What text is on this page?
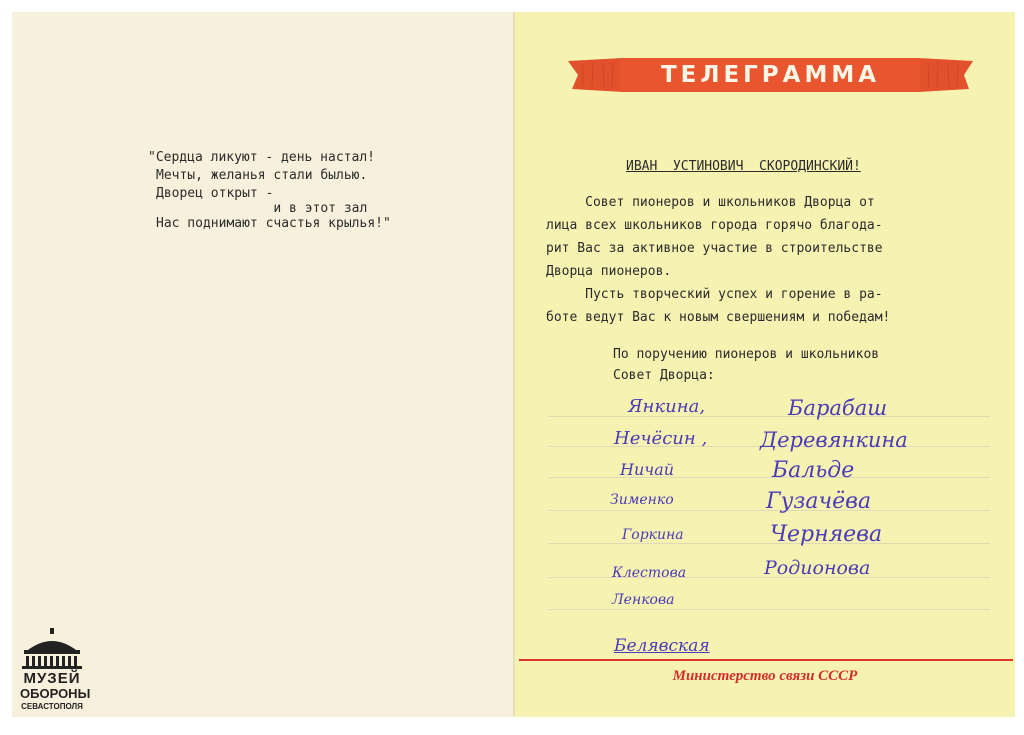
"Сердца ликуют - день настал!
Мечты, желанья стали былью.
Дворец открыт -
и в этот зал
Нас поднимают счастья крылья!"
ТЕЛЕГРАММА
ИВАН  УСТИНОВИЧ  СКОРОДИНСКИЙ!
Совет пионеров и школьников Дворца от
лица всех школьников города горячо благода-
рит Вас за активное участие в строительстве
Дворца пионеров.
Пусть творческий успех и горение в ра-
боте ведут Вас к новым свершениям и победам!
По поручению пионеров и школьников
Совет Дворца:
Янкина,
Нечёсин ,
Ничай
Зименко
Горкина
Клестова
Ленкова
Белявская
Барабаш
Деревянкина
Бальде
Гузачёва
Черняева
Родионова
Министерство связи СССР
МУЗЕЙ
ОБОРОНЫ
СЕВАСТОПОЛЯ
